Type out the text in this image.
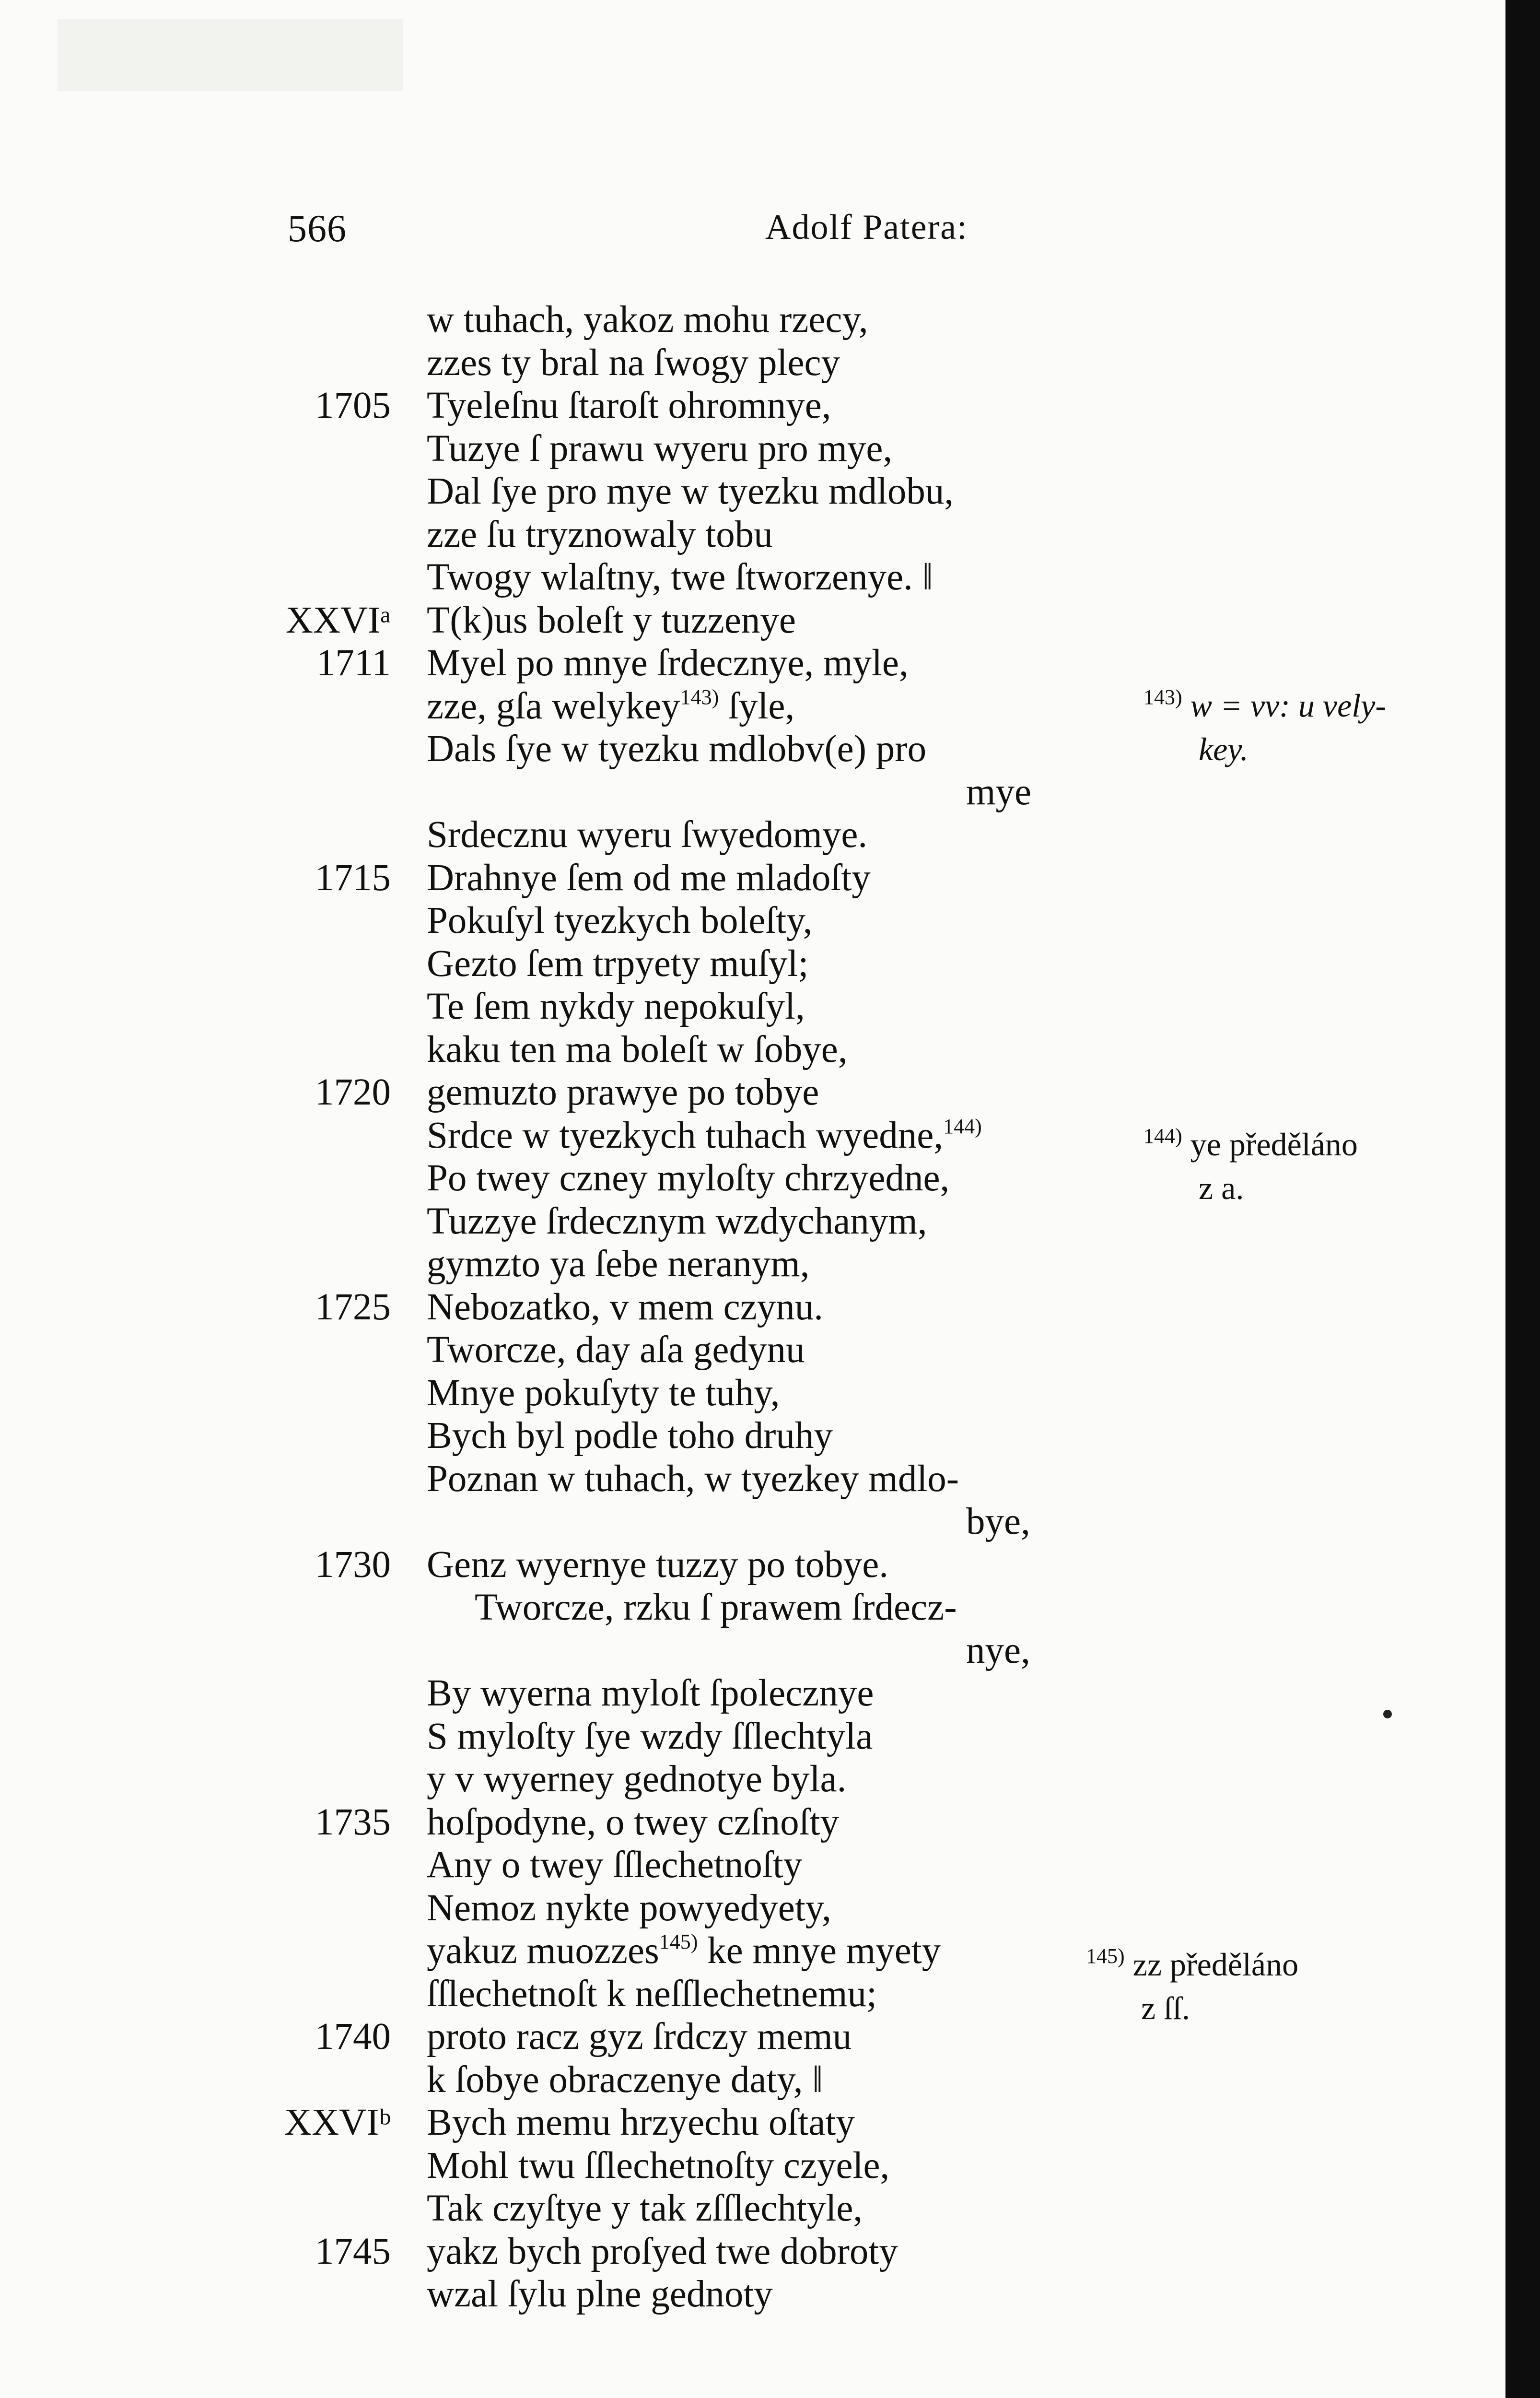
566	Adolf Patera:
w tuhach, yakoz mohu rzecy,
zzes ty bral na ſwogy plecy
1705 Tyeleſnu ſtaroſt ohromnye,
Tuzye ſ prawu wyeru pro mye,
Dal ſye pro mye w tyezku mdlobu,
zze ſu tryznowaly tobu
Twogy wlaſtny, twe ſtworzenye. ‖
XXVIᵃ T(k)us boleſt y tuzzenye
1711 Myel po mnye ſrdecznye, myle,
zze, gſa welykey$^{143)}$ ſyle,
Dals ſye w tyezku mdlobv(e) pro
mye
Srdecznu wyeru ſwyedomye.
1715 Drahnye ſem od me mladoſty
Pokuſyl tyezkych boleſty,
Gezto ſem trpyety muſyl;
Te ſem nykdy nepokuſyl,
kaku ten ma boleſt w ſobye,
1720 gemuzto prawye po tobye
Srdce w tyezkych tuhach wyedne,$^{144)}$
Po twey czney myloſty chrzyedne,
Tuzzye ſrdecznym wzdychanym,
gymzto ya ſebe neranym,
1725 Nebozatko, v mem czynu.
Tworcze, day aſa gedynu
Mnye pokuſyty te tuhy,
Bych byl podle toho druhy
Poznan w tuhach, w tyezkey mdlo-
bye,
1730 Genz wyernye tuzzy po tobye.
Tworcze, rzku ſ prawem ſrdecz-
nye,
By wyerna myloſt ſpolecznye
S myloſty ſye wzdy ſſlechtyla
y v wyerney gednotye byla.
1735 hoſpodyne, o twey czſnoſty
Any o twey ſſlechetnoſty
Nemoz nykte powyedyety,
yakuz muozzes$^{145)}$ ke mnye myety
ſſlechetnoſt k neſſlechetnemu;
1740 proto racz gyz ſrdczy memu
k ſobye obraczenye daty, ‖
XXVIᵇ Bych memu hrzyechu oſtaty
Mohl twu ſſlechetnoſty czyele,
Tak czyſtye y tak zſſlechtyle,
1745 yakz bych proſyed twe dobroty
wzal ſylu plne gednoty
$^{143)}$ w = vv: u vely-
key.
$^{144)}$ ye předěláno
z a.
$^{145)}$ zz předěláno
z ſſ.
